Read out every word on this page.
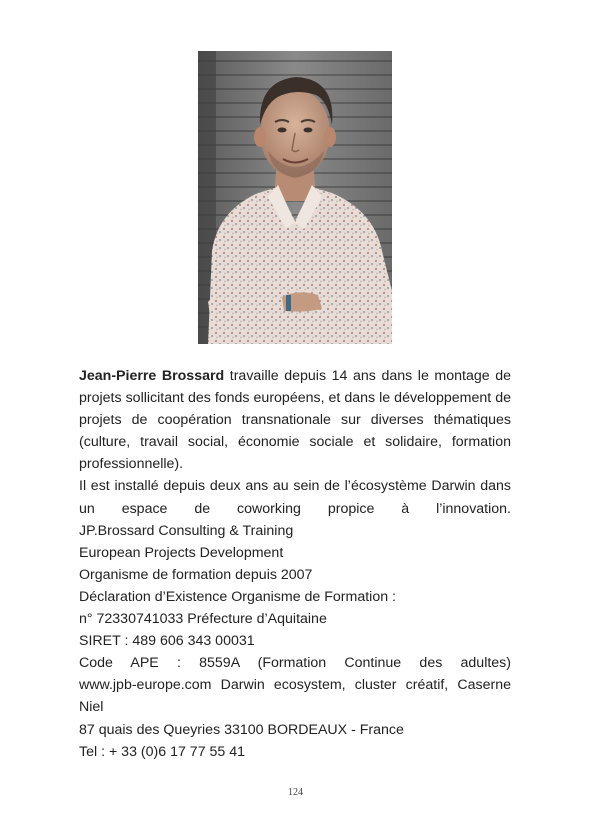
Jean-Pierre Brossard travaille depuis 14 ans dans le montage de projets sollicitant des fonds européens, et dans le développement de projets de coopération transnationale sur diverses thématiques (culture, travail social, économie sociale et solidaire, formation professionnelle).

Il est installé depuis deux ans au sein de l’écosystème Darwin dans un espace de coworking propice à l’innovation.

JP.Brossard Consulting & Training

European Projects Development

Organisme de formation depuis 2007

Déclaration d’Existence Organisme de Formation :

n° 72330741033 Préfecture d’Aquitaine

SIRET : 489 606 343 00031

Code APE : 8559A (Formation Continue des adultes)

www.jpb-europe.com Darwin ecosystem, cluster créatif, Caserne Niel

87 quais des Queyries 33100 BORDEAUX - France

Tel : + 33 (0)6 17 77 55 41

124
